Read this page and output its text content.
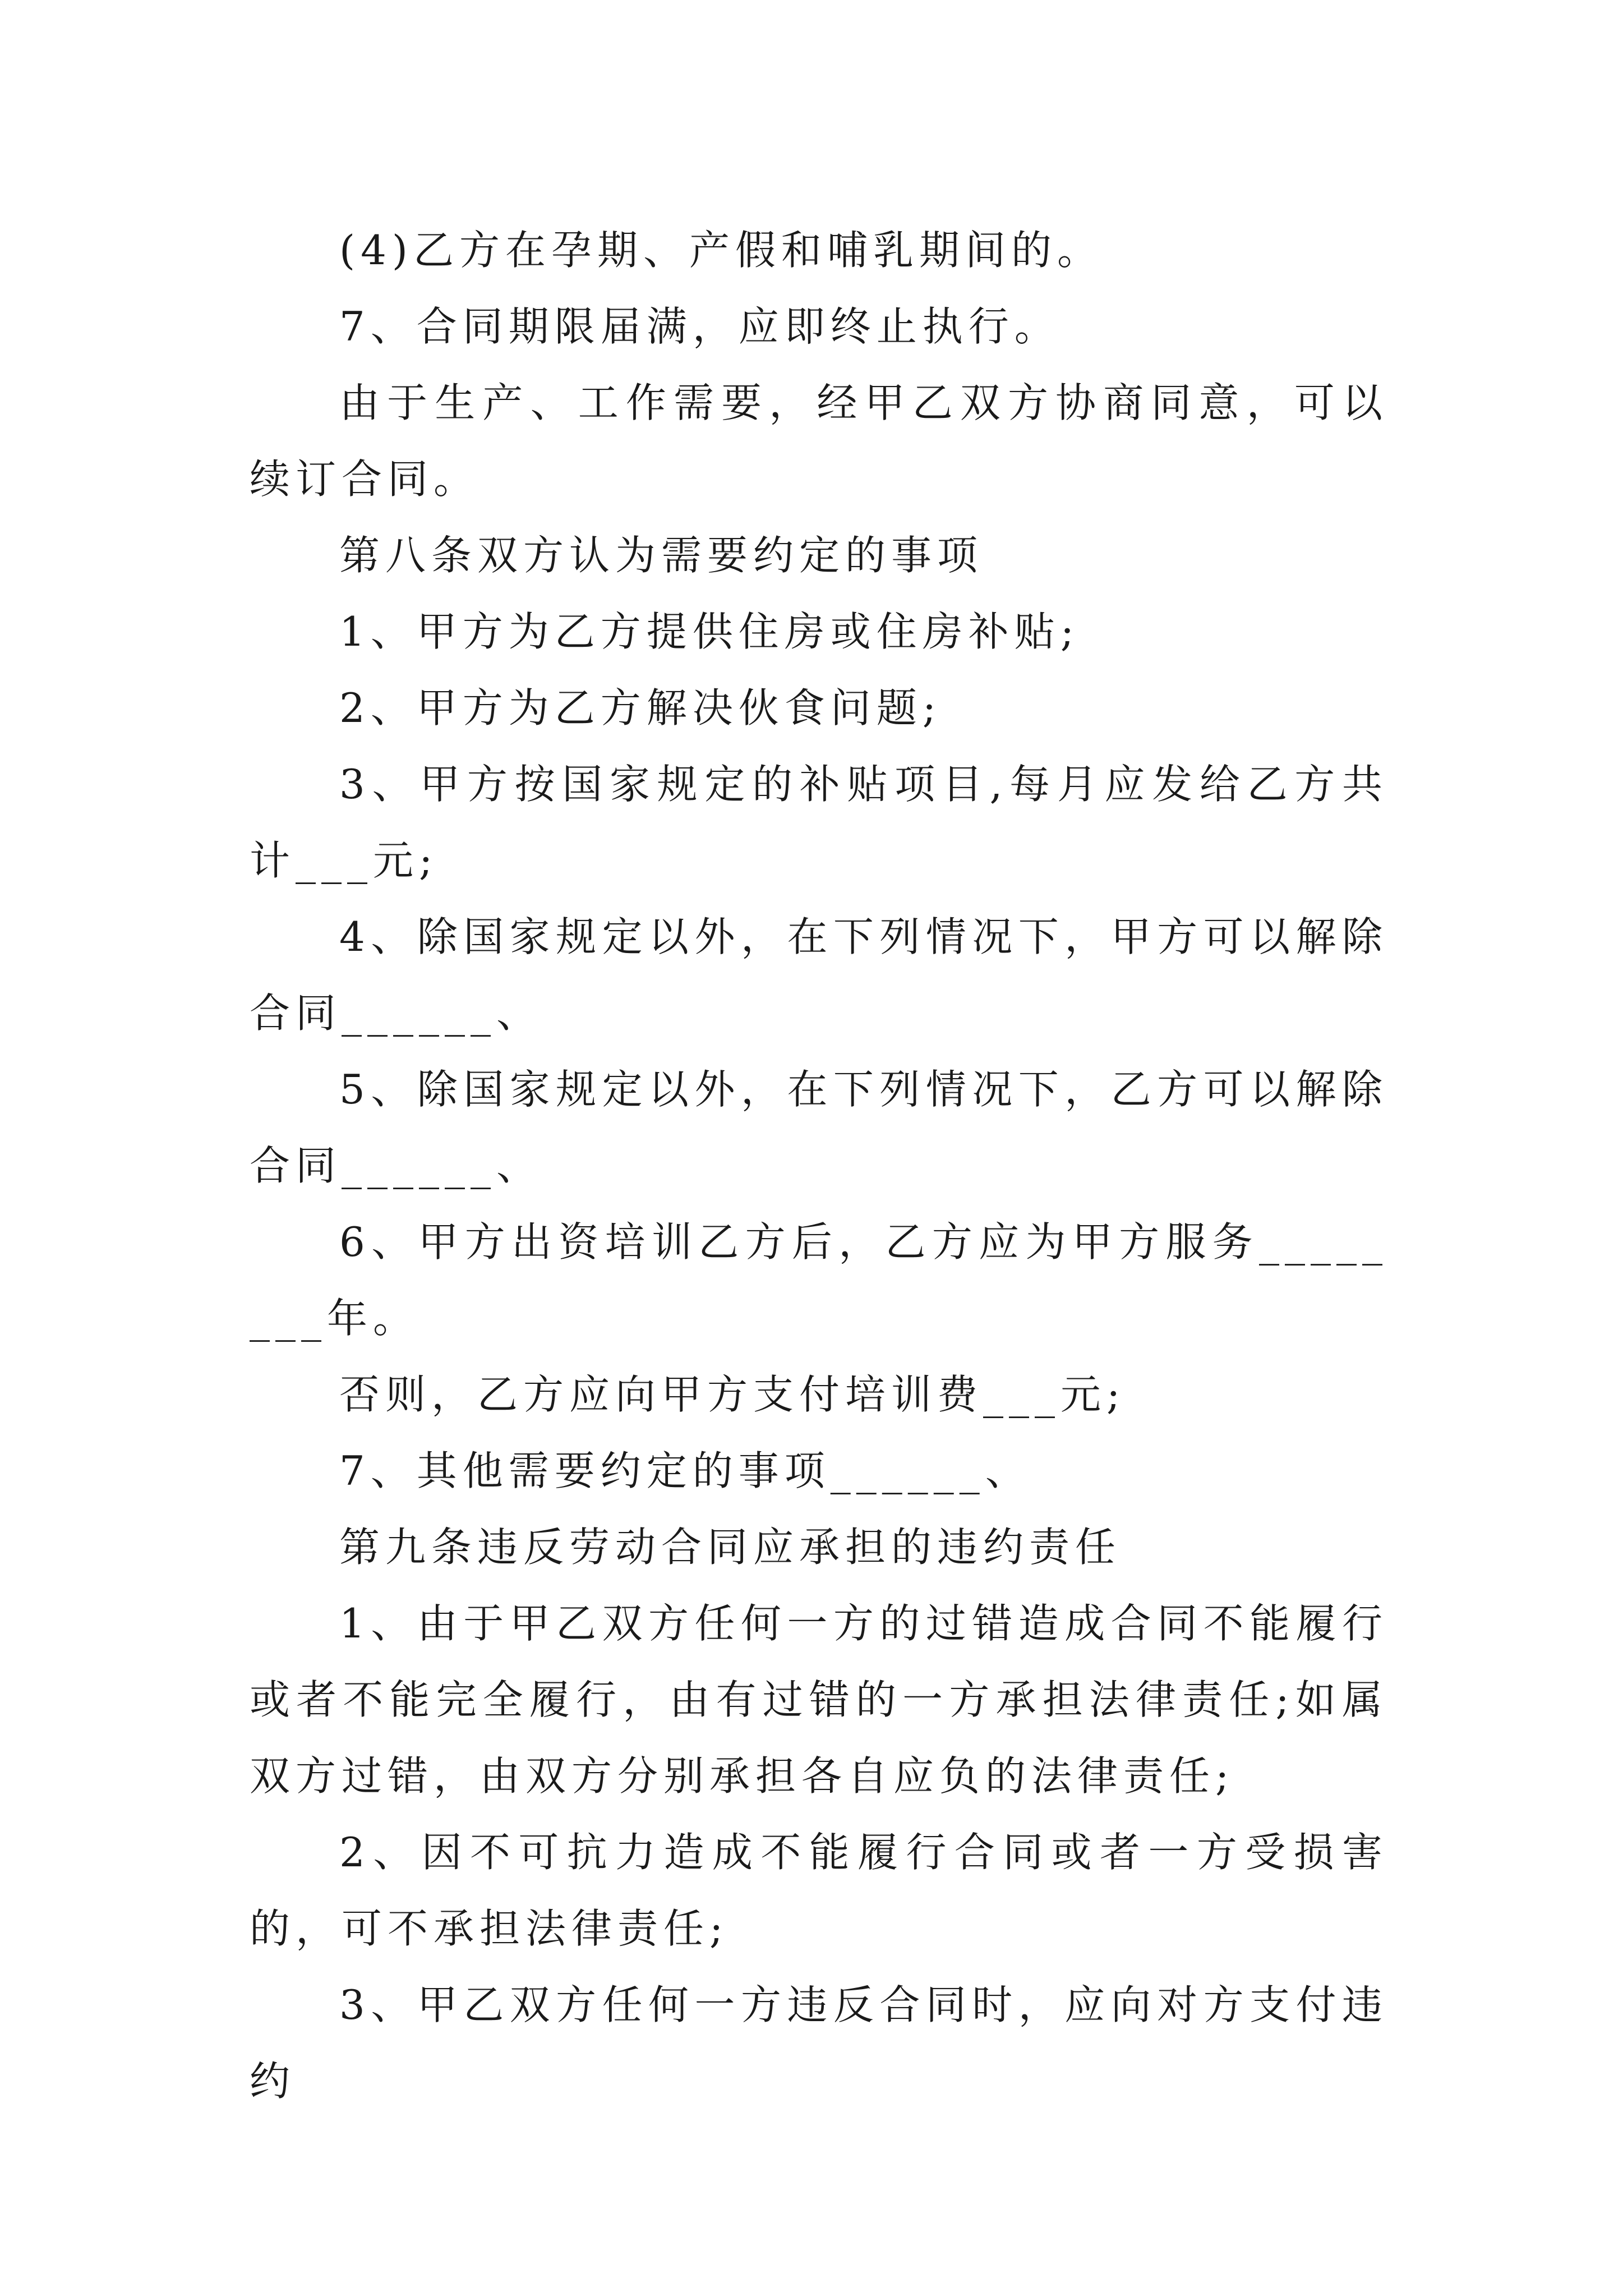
(4)乙方在孕期、产假和哺乳期间的。

7、合同期限届满，应即终止执行。

由于生产、工作需要，经甲乙双方协商同意，可以续订合同。

第八条双方认为需要约定的事项

1、甲方为乙方提供住房或住房补贴;

2、甲方为乙方解决伙食问题;

3、甲方按国家规定的补贴项目,每月应发给乙方共计___元;

4、除国家规定以外，在下列情况下，甲方可以解除合同______、

5、除国家规定以外，在下列情况下，乙方可以解除合同______、

6、甲方出资培训乙方后，乙方应为甲方服务________年。

否则，乙方应向甲方支付培训费___元;

7、其他需要约定的事项______、

第九条违反劳动合同应承担的违约责任

1、由于甲乙双方任何一方的过错造成合同不能履行或者不能完全履行，由有过错的一方承担法律责任;如属双方过错，由双方分别承担各自应负的法律责任;

2、因不可抗力造成不能履行合同或者一方受损害的，可不承担法律责任;

3、甲乙双方任何一方违反合同时，应向对方支付违约
